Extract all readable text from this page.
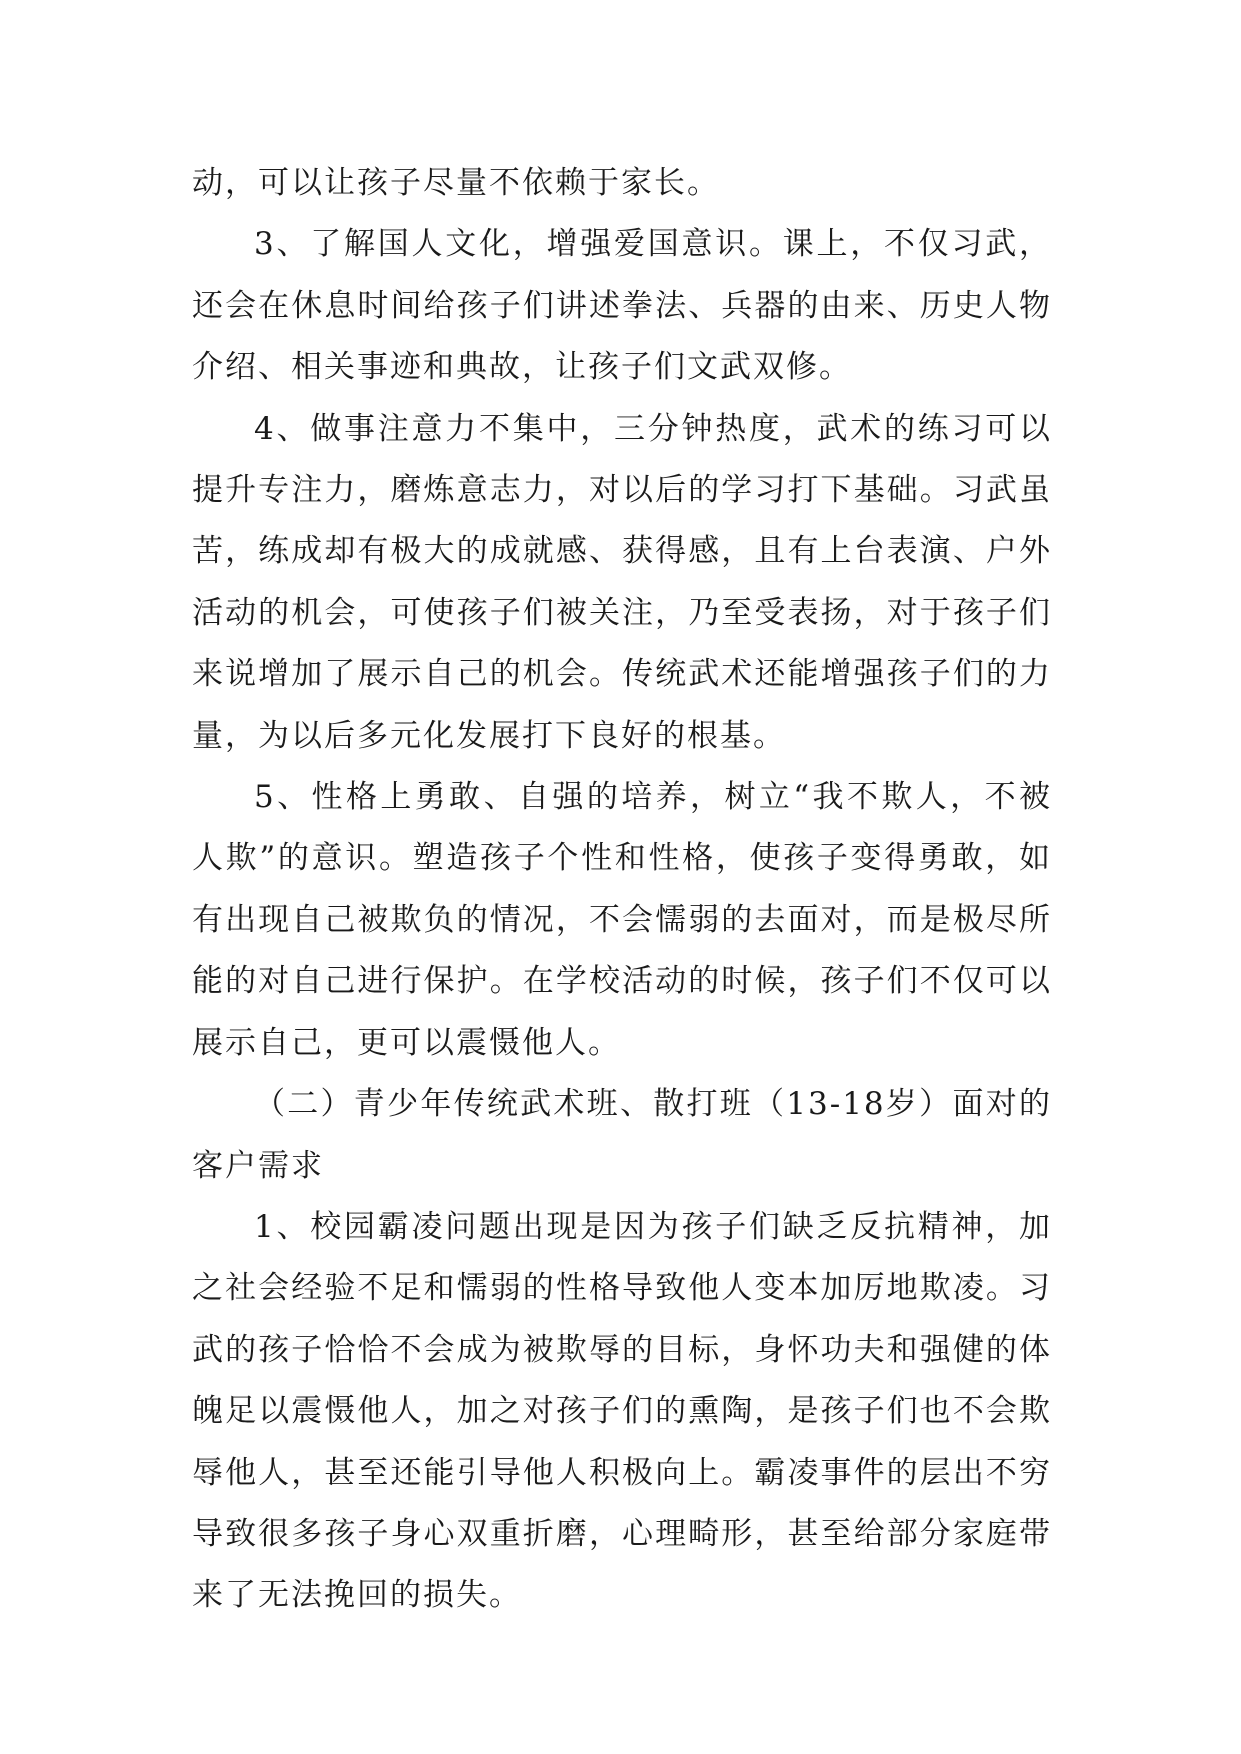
动，可以让孩子尽量不依赖于家长。

3、了解国人文化，增强爱国意识。课上，不仅习武，还会在休息时间给孩子们讲述拳法、兵器的由来、历史人物介绍、相关事迹和典故，让孩子们文武双修。

4、做事注意力不集中，三分钟热度，武术的练习可以提升专注力，磨炼意志力，对以后的学习打下基础。习武虽苦，练成却有极大的成就感、获得感，且有上台表演、户外活动的机会，可使孩子们被关注，乃至受表扬，对于孩子们来说增加了展示自己的机会。传统武术还能增强孩子们的力量，为以后多元化发展打下良好的根基。

5、性格上勇敢、自强的培养，树立“我不欺人，不被人欺”的意识。塑造孩子个性和性格，使孩子变得勇敢，如有出现自己被欺负的情况，不会懦弱的去面对，而是极尽所能的对自己进行保护。在学校活动的时候，孩子们不仅可以展示自己，更可以震慑他人。

（二）青少年传统武术班、散打班（13-18岁）面对的客户需求

1、校园霸凌问题出现是因为孩子们缺乏反抗精神，加之社会经验不足和懦弱的性格导致他人变本加厉地欺凌。习武的孩子恰恰不会成为被欺辱的目标，身怀功夫和强健的体魄足以震慑他人，加之对孩子们的熏陶，是孩子们也不会欺辱他人，甚至还能引导他人积极向上。霸凌事件的层出不穷导致很多孩子身心双重折磨，心理畸形，甚至给部分家庭带来了无法挽回的损失。
